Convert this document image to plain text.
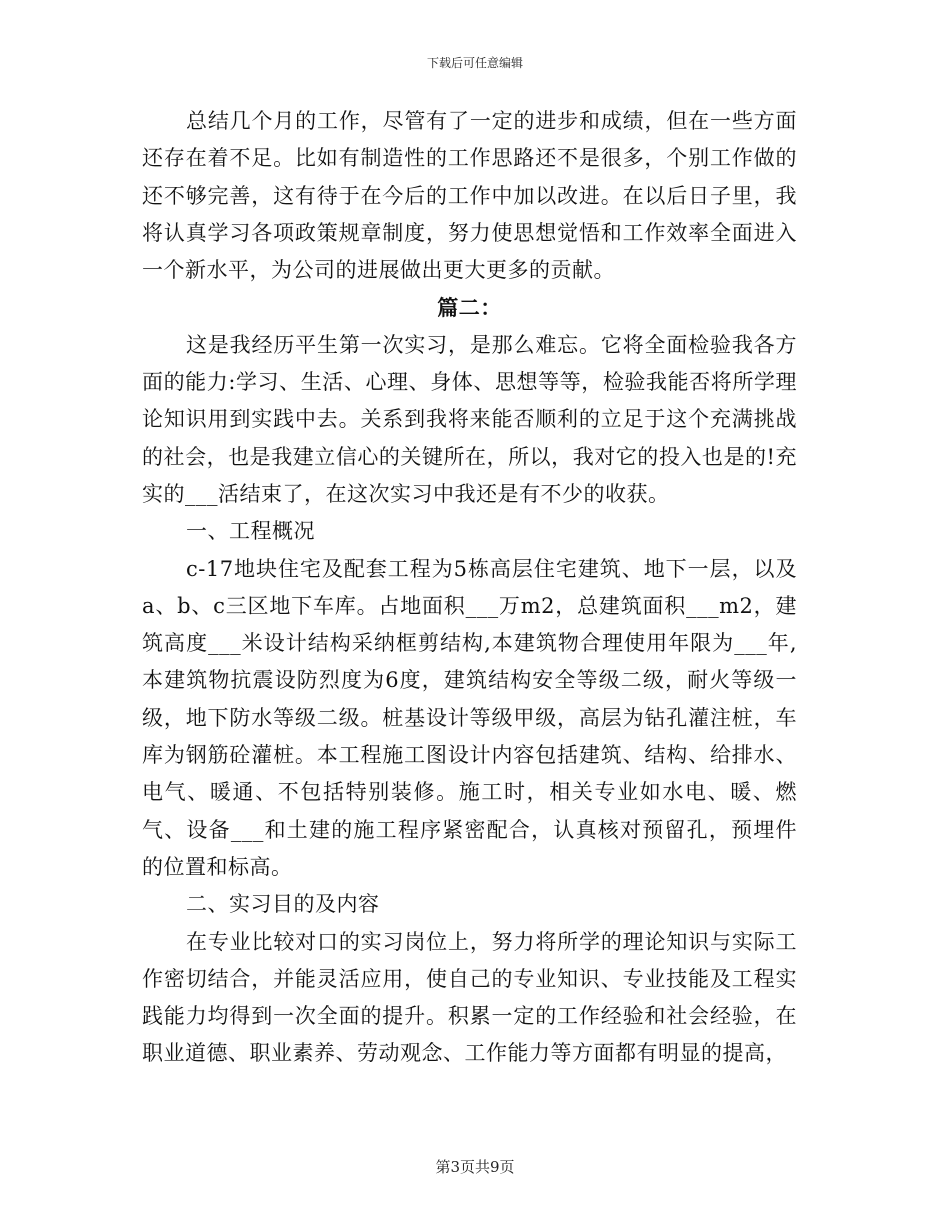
下载后可任意编辑

总结几个月的工作，尽管有了一定的进步和成绩，但在一些方面还存在着不足。比如有制造性的工作思路还不是很多，个别工作做的还不够完善，这有待于在今后的工作中加以改进。在以后日子里，我将认真学习各项政策规章制度，努力使思想觉悟和工作效率全面进入一个新水平，为公司的进展做出更大更多的贡献。

篇二：

这是我经历平生第一次实习，是那么难忘。它将全面检验我各方面的能力:学习、生活、心理、身体、思想等等，检验我能否将所学理论知识用到实践中去。关系到我将来能否顺利的立足于这个充满挑战的社会，也是我建立信心的关键所在，所以，我对它的投入也是的!充实的___活结束了，在这次实习中我还是有不少的收获。

一、工程概况

c-17地块住宅及配套工程为5栋高层住宅建筑、地下一层，以及a、b、c三区地下车库。占地面积___万m2，总建筑面积___m2，建筑高度___米设计结构采纳框剪结构,本建筑物合理使用年限为___年,本建筑物抗震设防烈度为6度，建筑结构安全等级二级，耐火等级一级，地下防水等级二级。桩基设计等级甲级，高层为钻孔灌注桩，车库为钢筋砼灌桩。本工程施工图设计内容包括建筑、结构、给排水、电气、暖通、不包括特别装修。施工时，相关专业如水电、暖、燃气、设备___和土建的施工程序紧密配合，认真核对预留孔，预埋件的位置和标高。

二、实习目的及内容

在专业比较对口的实习岗位上，努力将所学的理论知识与实际工作密切结合，并能灵活应用，使自己的专业知识、专业技能及工程实践能力均得到一次全面的提升。积累一定的工作经验和社会经验，在职业道德、职业素养、劳动观念、工作能力等方面都有明显的提高，

第3页共9页
